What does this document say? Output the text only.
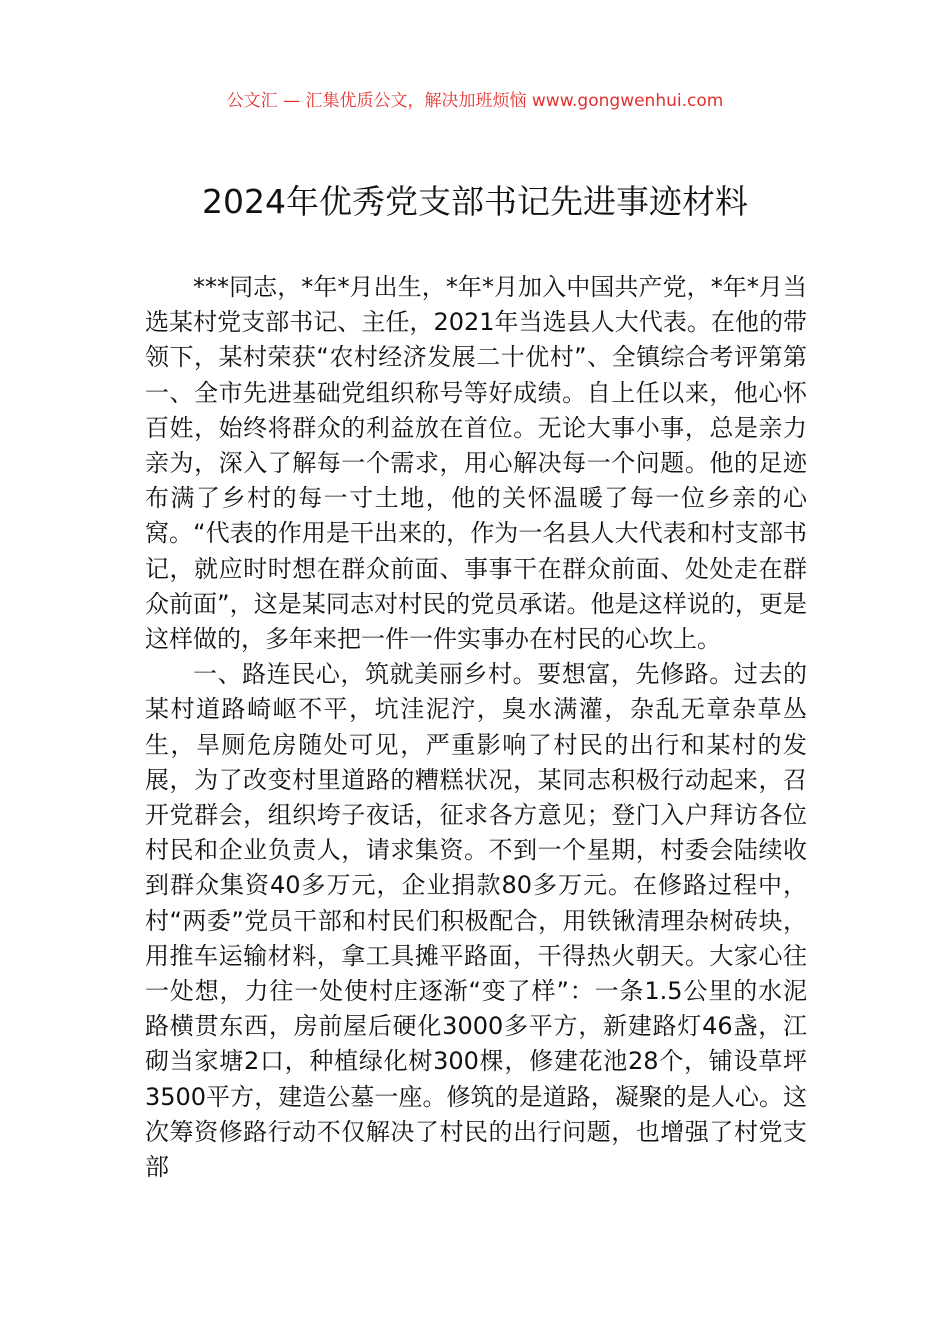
公文汇 — 汇集优质公文，解决加班烦恼 www.gongwenhui.com
2024年优秀党支部书记先进事迹材料

***同志，*年*月出生，*年*月加入中国共产党，*年*月当选某村党支部书记、主任，2021年当选县人大代表。在他的带领下，某村荣获“农村经济发展二十优村”、全镇综合考评第第一、全市先进基础党组织称号等好成绩。自上任以来，他心怀百姓，始终将群众的利益放在首位。无论大事小事，总是亲力亲为，深入了解每一个需求，用心解决每一个问题。他的足迹布满了乡村的每一寸土地，他的关怀温暖了每一位乡亲的心窝。“代表的作用是干出来的，作为一名县人大代表和村支部书记，就应时时想在群众前面、事事干在群众前面、处处走在群众前面”，这是某同志对村民的党员承诺。他是这样说的，更是这样做的，多年来把一件一件实事办在村民的心坎上。

一、路连民心，筑就美丽乡村。要想富，先修路。过去的某村道路崎岖不平，坑洼泥泞，臭水满灌，杂乱无章杂草丛生，旱厕危房随处可见，严重影响了村民的出行和某村的发展，为了改变村里道路的糟糕状况，某同志积极行动起来，召开党群会，组织垮子夜话，征求各方意见；登门入户拜访各位村民和企业负责人，请求集资。不到一个星期，村委会陆续收到群众集资40多万元，企业捐款80多万元。在修路过程中，村“两委”党员干部和村民们积极配合，用铁锹清理杂树砖块，用推车运输材料，拿工具摊平路面，干得热火朝天。大家心往一处想，力往一处使村庄逐渐“变了样”：一条1.5公里的水泥路横贯东西，房前屋后硬化3000多平方，新建路灯46盏，江砌当家塘2口，种植绿化树300棵，修建花池28个，铺设草坪3500平方，建造公墓一座。修筑的是道路，凝聚的是人心。这次筹资修路行动不仅解决了村民的出行问题，也增强了村党支部
